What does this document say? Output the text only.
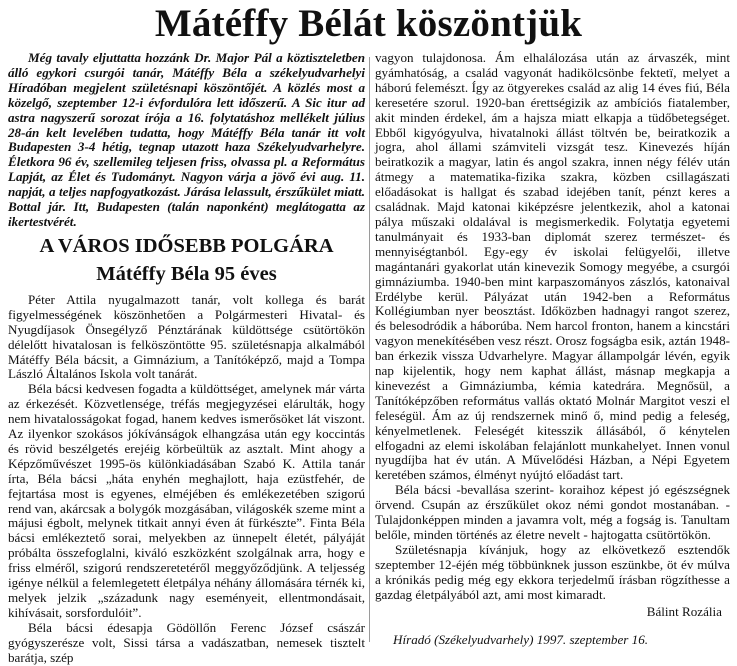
Mátéffy Bélát köszöntjük

Még tavaly eljuttatta hozzánk Dr. Major Pál a köztiszteletben álló egykori csurgói tanár, Mátéffy Béla a székelyudvarhelyi Híradóban megjelent születésnapi köszöntőjét. A közlés most a közelgő, szeptember 12-i évfordulóra lett időszerű. A Sic itur ad astra nagyszerű sorozat írója a 16. folytatáshoz mellékelt július 28-án kelt levelében tudatta, hogy Mátéffy Béla tanár itt volt Budapesten 3-4 hétig, tegnap utazott haza Székelyudvarhelyre. Életkora 96 év, szellemileg teljesen friss, olvassa pl. a Református Lapját, az Élet és Tudományt. Nagyon várja a jövő évi aug. 11. napját, a teljes napfogyatkozást. Járása lelassult, érszűkület miatt. Bottal jár. Itt, Budapesten (talán naponként) meglátogatta az ikertestvérét.

A VÁROS IDŐSEBB POLGÁRA
Mátéffy Béla 95 éves

Péter Attila nyugalmazott tanár, volt kollega és barát figyelmességének köszönhetően a Polgármesteri Hivatal- és Nyugdíjasok Önsegélyző Pénztárának küldöttsége csütörtökön délelőtt hivatalosan is felköszöntötte 95. születésnapja alkalmából Mátéffy Béla bácsit, a Gimnázium, a Tanítóképző, majd a Tompa László Általános Iskola volt tanárát.

Béla bácsi kedvesen fogadta a küldöttséget, amelynek már várta az érkezését. Közvetlensége, tréfás megjegyzései elárulták, hogy nem hivatalosságokat fogad, hanem kedves ismerősöket lát viszont. Az ilyenkor szokásos jókívánságok elhangzása után egy koccintás és rövid beszélgetés erejéig körbeültük az asztalt. Mint ahogy a Képzőművészet 1995-ös különkiadásában Szabó K. Attila tanár írta, Béla bácsi „háta enyhén meghajlott, haja ezüstfehér, de fejtartása most is egyenes, elméjében és emlékezetében szigorú rend van, akárcsak a bolygók mozgásában, világoskék szeme mint a májusi égbolt, melynek titkait annyi éven át fürkészte”. Finta Béla bácsi emlékeztető sorai, melyekben az ünnepelt életét, pályáját próbálta összefoglalni, kiváló eszközként szolgálnak arra, hogy e friss elméről, szigorú rendszeretetéről meggyőződjünk. A teljesség igénye nélkül a felemlegetett életpálya néhány állomására térnék ki, melyek jelzik „századunk nagy eseményeit, ellentmondásait, kihívásait, sorsfordulóit”.

Béla bácsi édesapja Gödöllőn Ferenc József császár gyógyszerésze volt, Sissi társa a vadászatban, nemesek tisztelt barátja, szép

vagyon tulajdonosa. Ám elhalálozása után az árvaszék, mint gyámhatóság, a család vagyonát hadikölcsönbe fektetï, melyet a háború felemészt. Így az ötgyerekes család az alig 14 éves fiú, Béla keresetére szorul. 1920-ban érettségizik az ambíciós fiatalember, akit minden érdekel, ám a hajsza miatt elkapja a tüdőbetegséget. Ebből kigyógyulva, hivatalnoki állást töltvén be, beiratkozik a jogra, ahol állami számviteli vizsgát tesz. Kinevezés híján beiratkozik a magyar, latin és angol szakra, innen négy félév után átmegy a matematika-fizika szakra, közben csillagászati előadásokat is hallgat és szabad idejében tanít, pénzt keres a családnak. Majd katonai kiképzésre jelentkezik, ahol a katonai pálya műszaki oldalával is megismerkedik. Folytatja egyetemi tanulmányait és 1933-ban diplomát szerez természet- és mennyiségtanból. Egy-egy év iskolai felügyelői, illetve magántanári gyakorlat után kinevezik Somogy megyébe, a csurgói gimnáziumba. 1940-ben mint karpaszományos zászlós, katonaival Erdélybe kerül. Pályázat után 1942-ben a Református Kollégiumban nyer beosztást. Időközben hadnagyi rangot szerez, és belesodródik a háborúba. Nem harcol fronton, hanem a kincstári vagyon menekítésében vesz részt. Orosz fogságba esik, aztán 1948-ban érkezik vissza Udvarhelyre. Magyar állampolgár lévén, egyik nap kijelentik, hogy nem kaphat állást, másnap megkapja a kinevezést a Gimnáziumba, kémia katedrára. Megnősül, a Tanítóképzőben református vallás oktató Molnár Margitot veszi el feleségül. Ám az új rendszernek minő ő, mind pedig a feleség, kényelmetlenek. Feleségét kitesszik állásából, ő kénytelen elfogadni az elemi iskolában felajánlott munkahelyet. Innen vonul nyugdíjba hat év után. A Művelődési Házban, a Népi Egyetem keretében számos, élményt nyújtó előadást tart.

Béla bácsi -bevallása szerint- koraihoz képest jó egészségnek örvend. Csupán az érszűkület okoz némi gondot mostanában. - Tulajdonképpen minden a javamra volt, még a fogság is. Tanultam belőle, minden történés az életre nevelt - hajtogatta csütörtökön.

Születésnapja kívánjuk, hogy az elkövetkező esztendők szeptember 12-éjén még többünknek jusson eszünkbe, öt év múlva a krónikás pedig még egy ekkora terjedelmű írásban rögzíthesse a gazdag életpályából azt, ami most kimaradt.

Bálint Rozália

Híradó (Székelyudvarhely) 1997. szeptember 16.
